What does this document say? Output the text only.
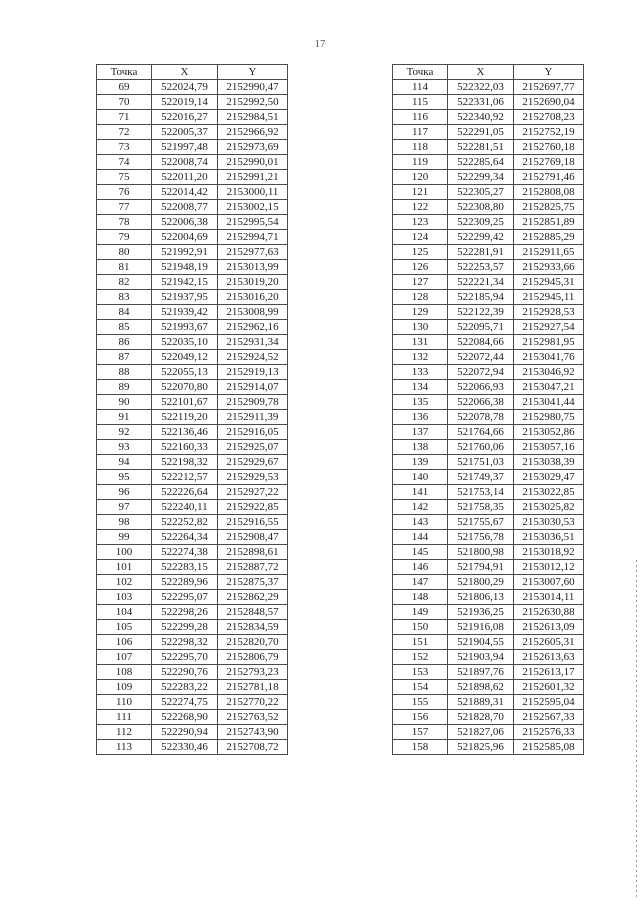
17
Точка	X	Y
69	522024,79	2152990,47
70	522019,14	2152992,50
71	522016,27	2152984,51
72	522005,37	2152966,92
73	521997,48	2152973,69
74	522008,74	2152990,01
75	522011,20	2152991,21
76	522014,42	2153000,11
77	522008,77	2153002,15
78	522006,38	2152995,54
79	522004,69	2152994,71
80	521992,91	2152977,63
81	521948,19	2153013,99
82	521942,15	2153019,20
83	521937,95	2153016,20
84	521939,42	2153008,99
85	521993,67	2152962,16
86	522035,10	2152931,34
87	522049,12	2152924,52
88	522055,13	2152919,13
89	522070,80	2152914,07
90	522101,67	2152909,78
91	522119,20	2152911,39
92	522136,46	2152916,05
93	522160,33	2152925,07
94	522198,32	2152929,67
95	522212,57	2152929,53
96	522226,64	2152927,22
97	522240,11	2152922,85
98	522252,82	2152916,55
99	522264,34	2152908,47
100	522274,38	2152898,61
101	522283,15	2152887,72
102	522289,96	2152875,37
103	522295,07	2152862,29
104	522298,26	2152848,57
105	522299,28	2152834,59
106	522298,32	2152820,70
107	522295,70	2152806,79
108	522290,76	2152793,23
109	522283,22	2152781,18
110	522274,75	2152770,22
111	522268,90	2152763,52
112	522290,94	2152743,90
113	522330,46	2152708,72
Точка	X	Y
114	522322,03	2152697,77
115	522331,06	2152690,04
116	522340,92	2152708,23
117	522291,05	2152752,19
118	522281,51	2152760,18
119	522285,64	2152769,18
120	522299,34	2152791,46
121	522305,27	2152808,08
122	522308,80	2152825,75
123	522309,25	2152851,89
124	522299,42	2152885,29
125	522281,91	2152911,65
126	522253,57	2152933,66
127	522221,34	2152945,31
128	522185,94	2152945,11
129	522122,39	2152928,53
130	522095,71	2152927,54
131	522084,66	2152981,95
132	522072,44	2153041,76
133	522072,94	2153046,92
134	522066,93	2153047,21
135	522066,38	2153041,44
136	522078,78	2152980,75
137	521764,66	2153052,86
138	521760,06	2153057,16
139	521751,03	2153038,39
140	521749,37	2153029,47
141	521753,14	2153022,85
142	521758,35	2153025,82
143	521755,67	2153030,53
144	521756,78	2153036,51
145	521800,98	2153018,92
146	521794,91	2153012,12
147	521800,29	2153007,60
148	521806,13	2153014,11
149	521936,25	2152630,88
150	521916,08	2152613,09
151	521904,55	2152605,31
152	521903,94	2152613,63
153	521897,76	2152613,17
154	521898,62	2152601,32
155	521889,31	2152595,04
156	521828,70	2152567,33
157	521827,06	2152576,33
158	521825,96	2152585,08
